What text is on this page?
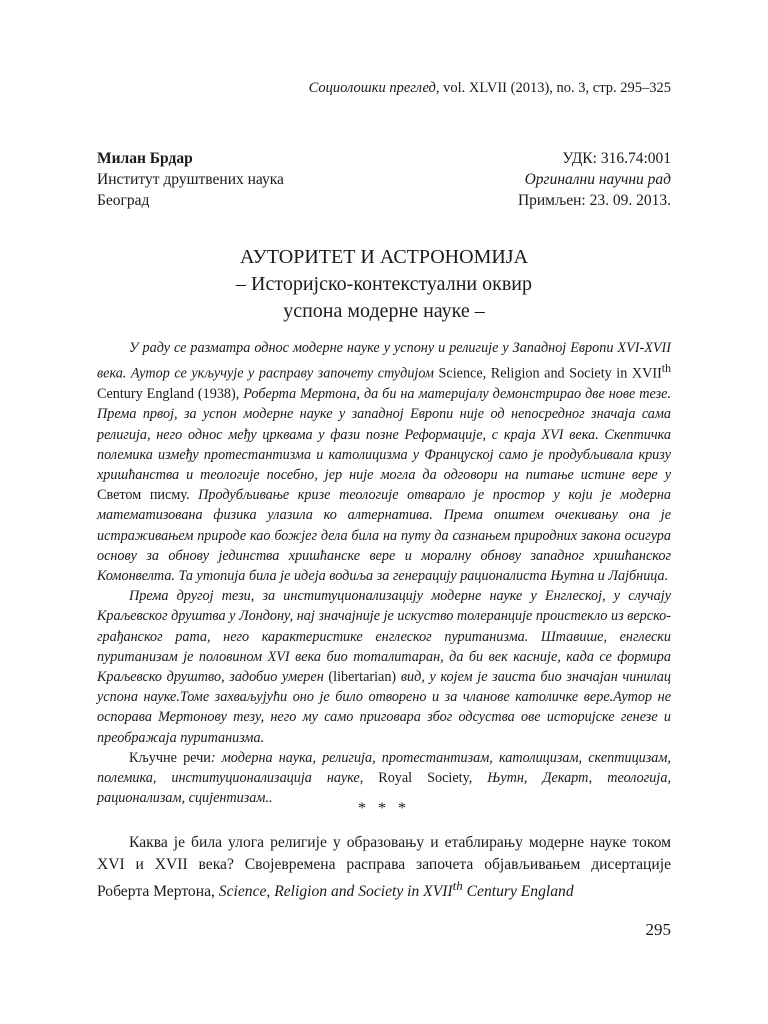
Социолошки преглед, vol. XLVII (2013), no. 3, стр. 295–325
Милан Брдар	УДК: 316.74:001
Институт друштвених наука	Оргинални научни рад
Београд	Примљен: 23. 09. 2013.
АУТОРИТЕТ И АСТРОНОМИЈА
– Историјско-контекстуални оквир
успона модерне науке –

У раду се разматра однос модерне науке у успону и религије у Западној Европи XVI-XVII века. Аутор се укључује у расправу започету студијом Science, Religion and Society in XVIIth Century England (1938), Роберта Мертона, да би на материјалу демонстрирао две нове тезе. Према првој, за успон модерне науке у западној Европи није од непосредног значаја сама религија, него однос међу црквама у фази позне Реформације, с краја XVI века. Скептичка полемика између протестантизма и католицизма у Француској само је продубљивала кризу хришћанства и теологије посебно, јер није могла да одговори на питање истине вере у Светом писму. Продубљивање кризе теологије отварало је простор у који је модерна математизована физика улазила ко алтернатива. Према општем очекивању она је истраживањем природе као божјег дела била на путу да сазнањем природних закона осигура основу за обнову јединства хришћанске вере и моралну обнову западног хришћанског Комонвелта. Та утопија била је идеја водиља за генерацију рационалиста Њутна и Лајбница.

Према другој тези, за институционализацију модерне науке у Енглеској, у случају Краљевског друштва у Лондону, нај значајније је искуство толеранције проистекло из верско-грађанског рата, него карактеристике енглеског пуританизма. Штавише, енглески пуританизам је половином XVI века био тоталитаран, да би век касније, када се формира Краљевско друштво, задобио умерен (libertarian) вид, у којем је заиста био значајан чинилац успона науке.Томе захваљујући оно је било отворено и за чланове католичке вере.Аутор не оспорава Мертонову тезу, него му само приговара због одсуства ове историјске генезе и преображаја пуританизма.

Кључне речи: модерна наука, религија, протестантизам, католицизам, скептицизам, полемика, институционализација науке, Royal Society, Њутн, Декарт, теологија, рационализам, сцијентизам..

* * *

Каква је била улога религије у образовању и етаблирању модерне науке током XVI и XVII века? Својевремена расправа започета објављивањем дисертације Роберта Мертона, Science, Religion and Society in XVIIth Century England

295
